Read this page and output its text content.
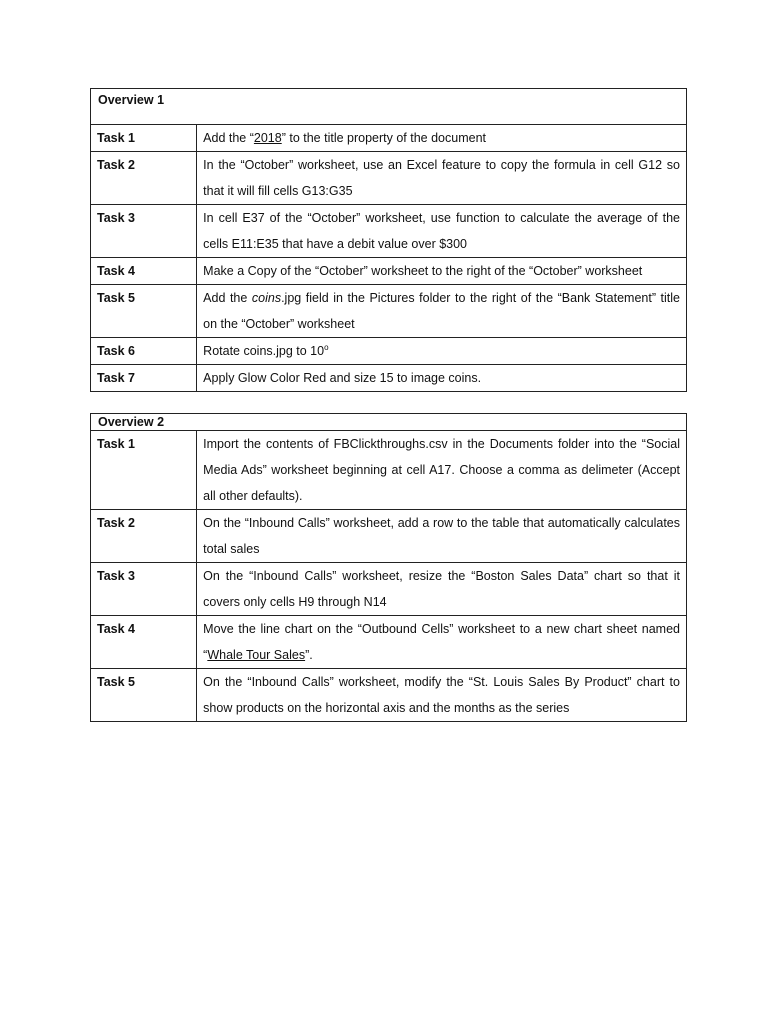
Overview 1	
Task 1	Add the “2018” to the title property of the document
Task 2	In the “October” worksheet, use an Excel feature to copy the formula in cell G12 so that it will fill cells G13:G35
Task 3	In cell E37 of the “October” worksheet, use function to calculate the average of the cells E11:E35 that have a debit value over $300
Task 4	Make a Copy of the “October” worksheet to the right of the “October” worksheet
Task 5	Add the coins.jpg field in the Pictures folder to the right of the “Bank Statement” title on the “October” worksheet
Task 6	Rotate coins.jpg to 10$^o$
Task 7	Apply Glow Color Red and size 15 to image coins.
Overview 2	
Task 1	Import the contents of FBClickthroughs.csv in the Documents folder into the “Social Media Ads” worksheet beginning at cell A17. Choose a comma as delimeter (Accept all other defaults).
Task 2	On the “Inbound Calls” worksheet, add a row to the table that automatically calculates total sales
Task 3	On the “Inbound Calls” worksheet, resize the “Boston Sales Data” chart so that it covers only cells H9 through N14
Task 4	Move the line chart on the “Outbound Cells” worksheet to a new chart sheet named “Whale Tour Sales”.
Task 5	On the “Inbound Calls” worksheet, modify the “St. Louis Sales By Product” chart to show products on the horizontal axis and the months as the series
